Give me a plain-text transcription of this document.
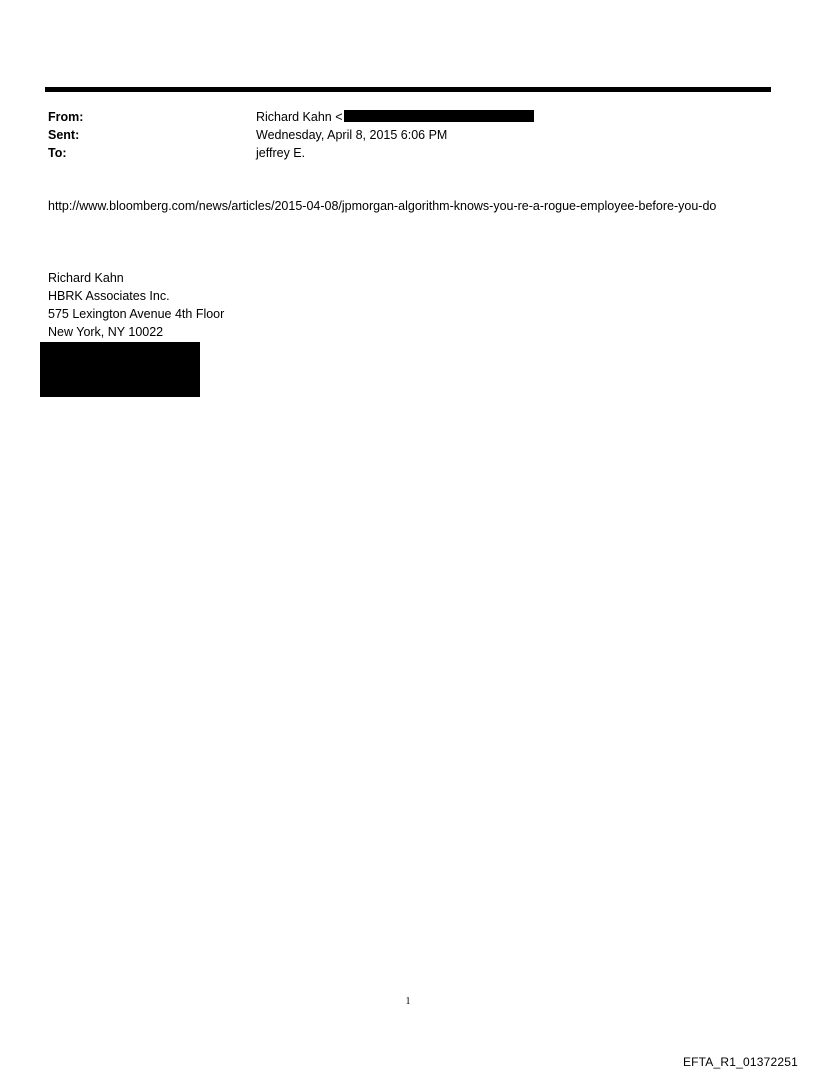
From:	Richard Kahn <
Sent:	Wednesday, April 8, 2015 6:06 PM
To:	jeffrey E.
http://www.bloomberg.com/news/articles/2015-04-08/jpmorgan-algorithm-knows-you-re-a-rogue-employee-before-you-do
Richard Kahn
HBRK Associates Inc.
575 Lexington Avenue 4th Floor
New York, NY 10022
1
EFTA_R1_01372251
